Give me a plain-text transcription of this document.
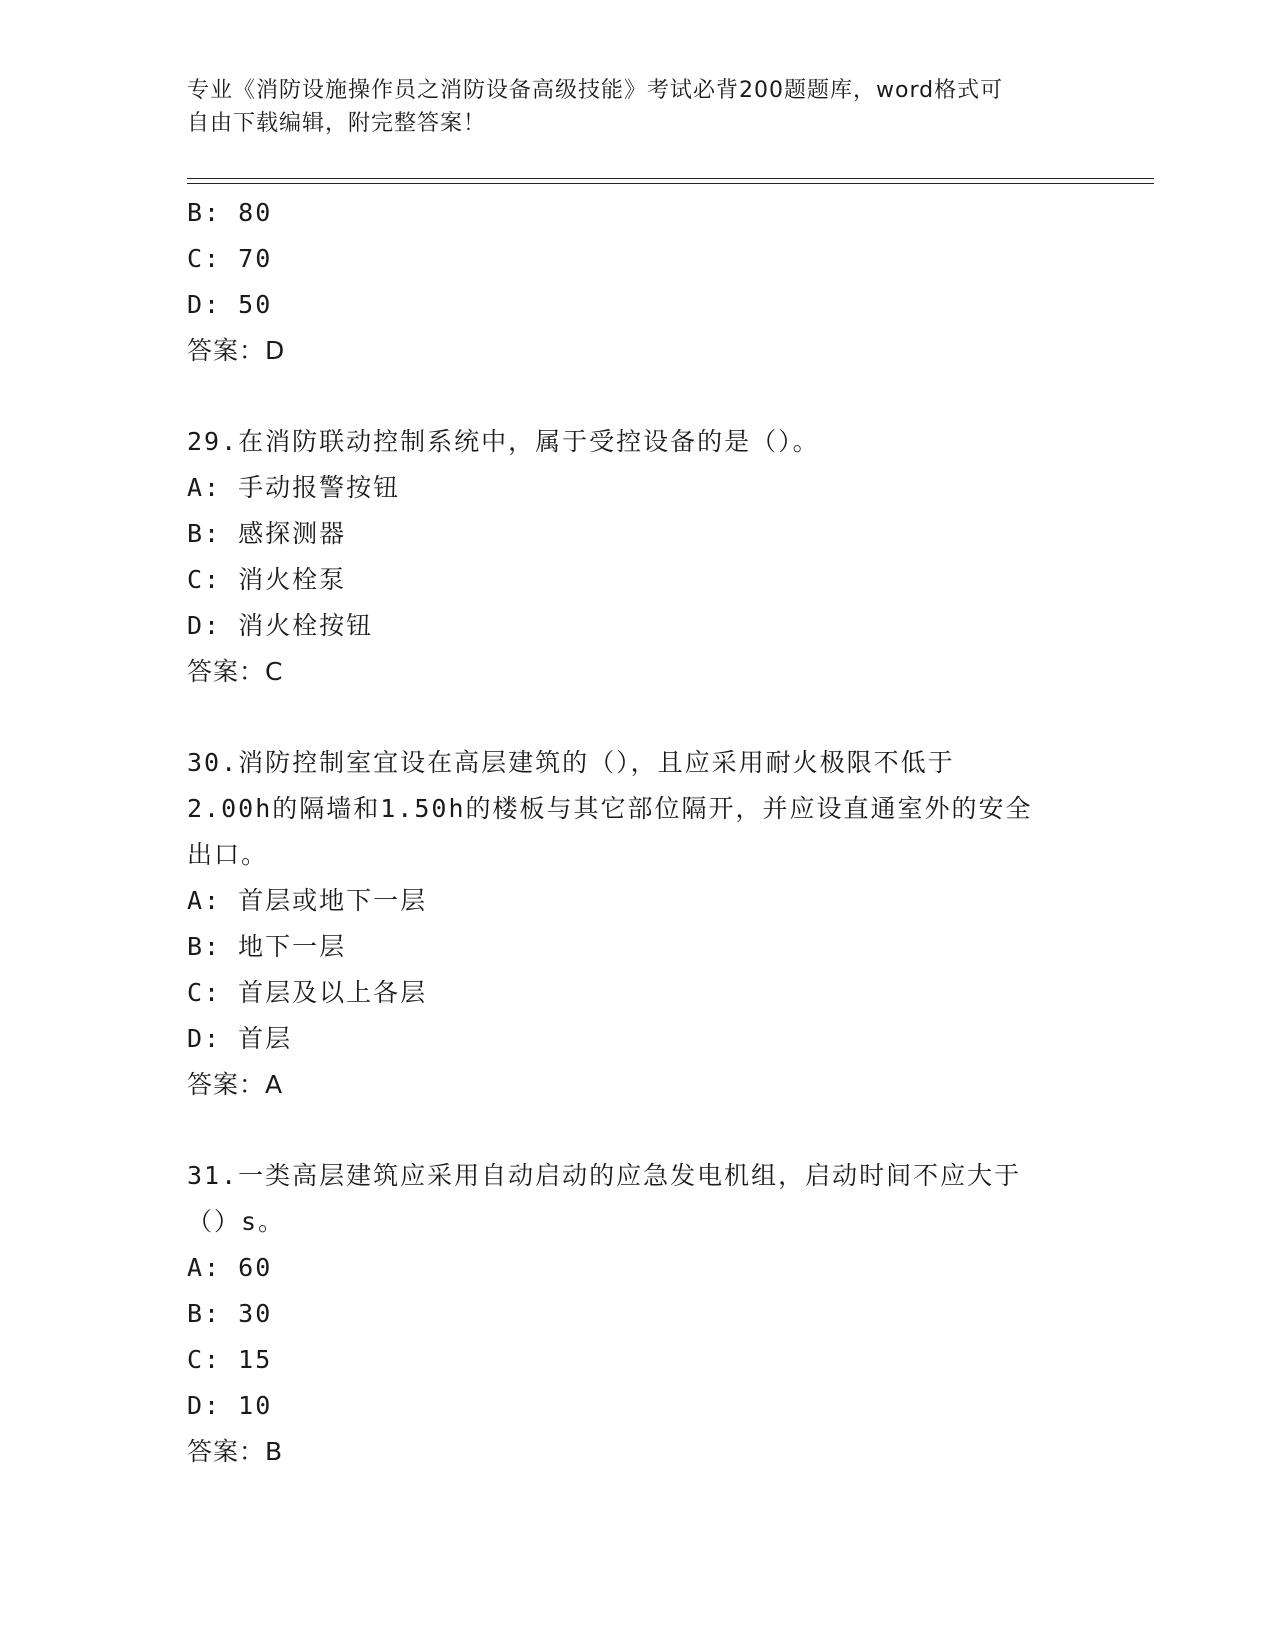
专业《消防设施操作员之消防设备高级技能》考试必背200题题库，word格式可
自由下载编辑，附完整答案！
B: 80
C: 70
D: 50
答案：D
29.在消防联动控制系统中，属于受控设备的是（）。
A: 手动报警按钮
B: 感探测器
C: 消火栓泵
D: 消火栓按钮
答案：C
30.消防控制室宜设在高层建筑的（），且应采用耐火极限不低于
2.00h的隔墙和1.50h的楼板与其它部位隔开，并应设直通室外的安全
出口。
A: 首层或地下一层
B: 地下一层
C: 首层及以上各层
D: 首层
答案：A
31.一类高层建筑应采用自动启动的应急发电机组，启动时间不应大于
（）s。
A: 60
B: 30
C: 15
D: 10
答案：B
